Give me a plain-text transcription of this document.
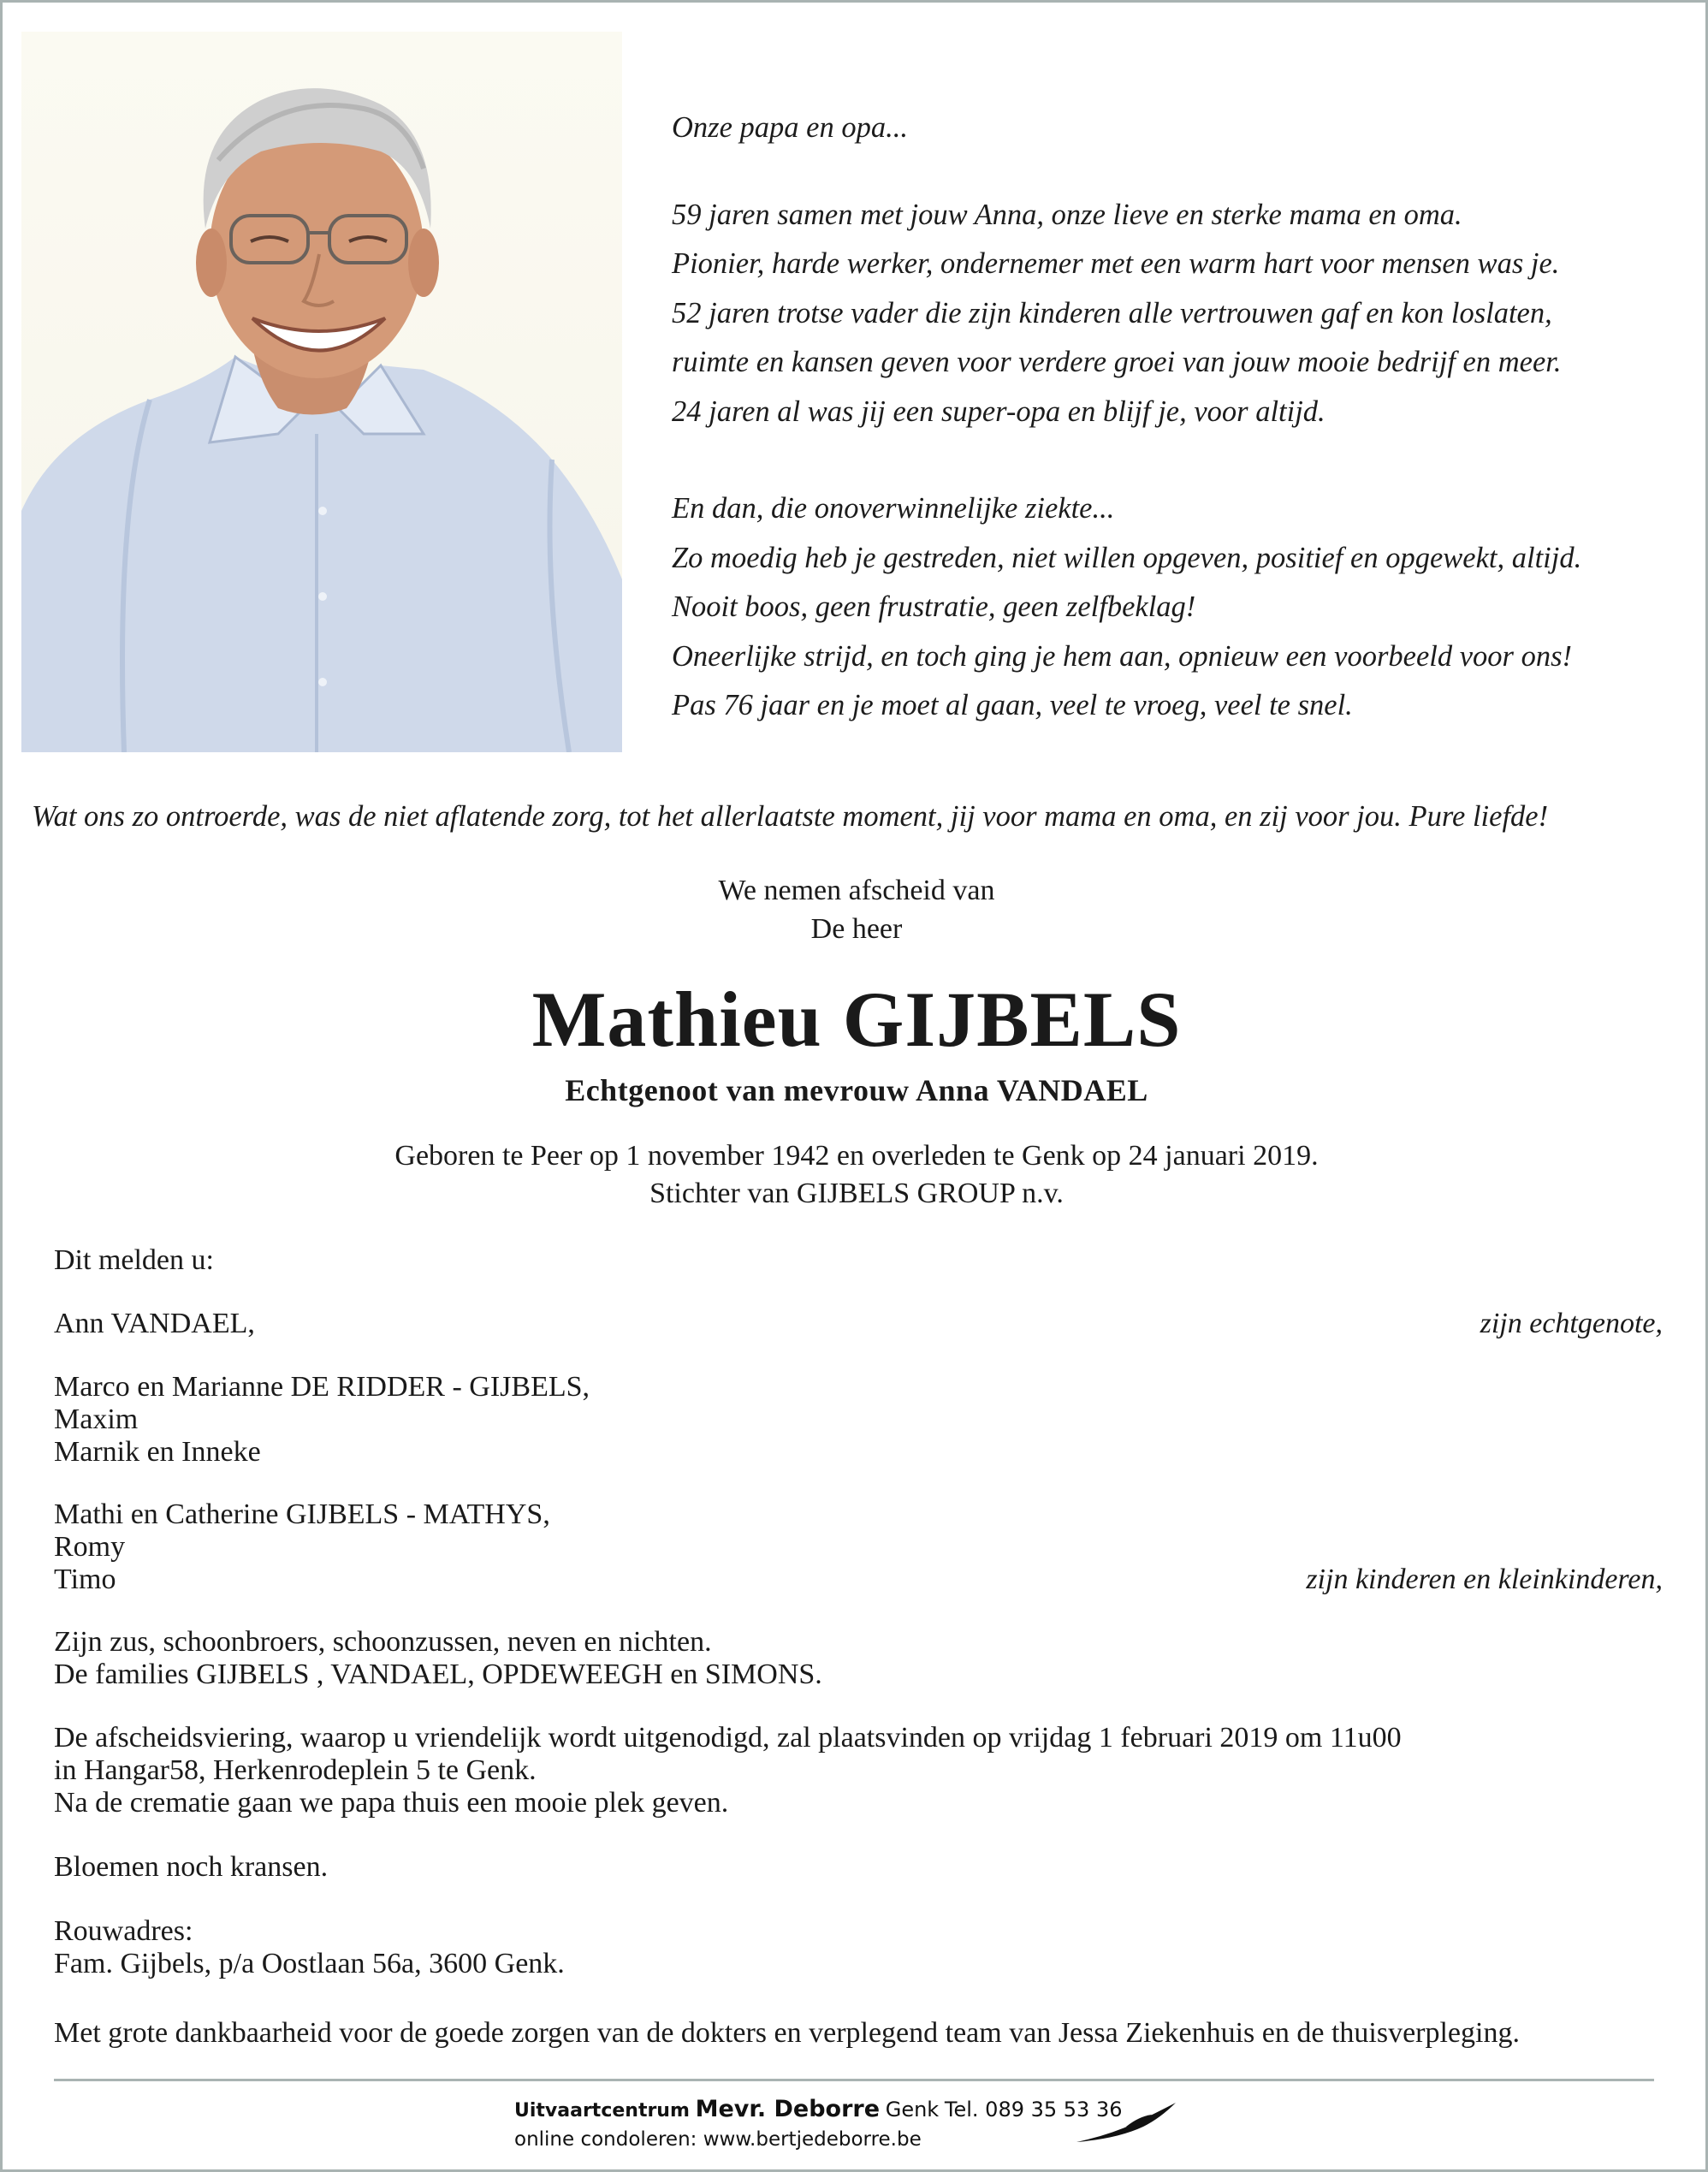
Onze papa en opa...
59 jaren samen met jouw Anna, onze lieve en sterke mama en oma.
Pionier, harde werker, ondernemer met een warm hart voor mensen was je.
52 jaren trotse vader die zijn kinderen alle vertrouwen gaf en kon loslaten,
ruimte en kansen geven voor verdere groei van jouw mooie bedrijf en meer.
24 jaren al was jij een super-opa en blijf je, voor altijd.
En dan, die onoverwinnelijke ziekte...
Zo moedig heb je gestreden, niet willen opgeven, positief en opgewekt, altijd.
Nooit boos, geen frustratie, geen zelfbeklag!
Oneerlijke strijd, en toch ging je hem aan, opnieuw een voorbeeld voor ons!
Pas 76 jaar en je moet al gaan, veel te vroeg, veel te snel.
Wat ons zo ontroerde, was de niet aflatende zorg, tot het allerlaatste moment, jij voor mama en oma, en zij voor jou. Pure liefde!
We nemen afscheid van
De heer
Mathieu GIJBELS
Echtgenoot van mevrouw Anna VANDAEL
Geboren te Peer op 1 november 1942 en overleden te Genk op 24 januari 2019.
Stichter van GIJBELS GROUP n.v.
Dit melden u:
Ann VANDAEL,	zijn echtgenote,
Marco en Marianne DE RIDDER - GIJBELS,
Maxim
Marnik en Inneke
Mathi en Catherine GIJBELS - MATHYS,
Romy
Timo	zijn kinderen en kleinkinderen,
Zijn zus, schoonbroers, schoonzussen, neven en nichten.
De families GIJBELS , VANDAEL, OPDEWEEGH en SIMONS.
De afscheidsviering, waarop u vriendelijk wordt uitgenodigd, zal plaatsvinden op vrijdag 1 februari 2019 om 11u00
in Hangar58, Herkenrodeplein 5 te Genk.
Na de crematie gaan we papa thuis een mooie plek geven.
Bloemen noch kransen.
Rouwadres:
Fam. Gijbels, p/a Oostlaan 56a, 3600 Genk.
Met grote dankbaarheid voor de goede zorgen van de dokters en verplegend team van Jessa Ziekenhuis en de thuisverpleging.
Uitvaartcentrum Mevr. Deborre Genk Tel. 089 35 53 36
online condoleren: www.bertjedeborre.be
